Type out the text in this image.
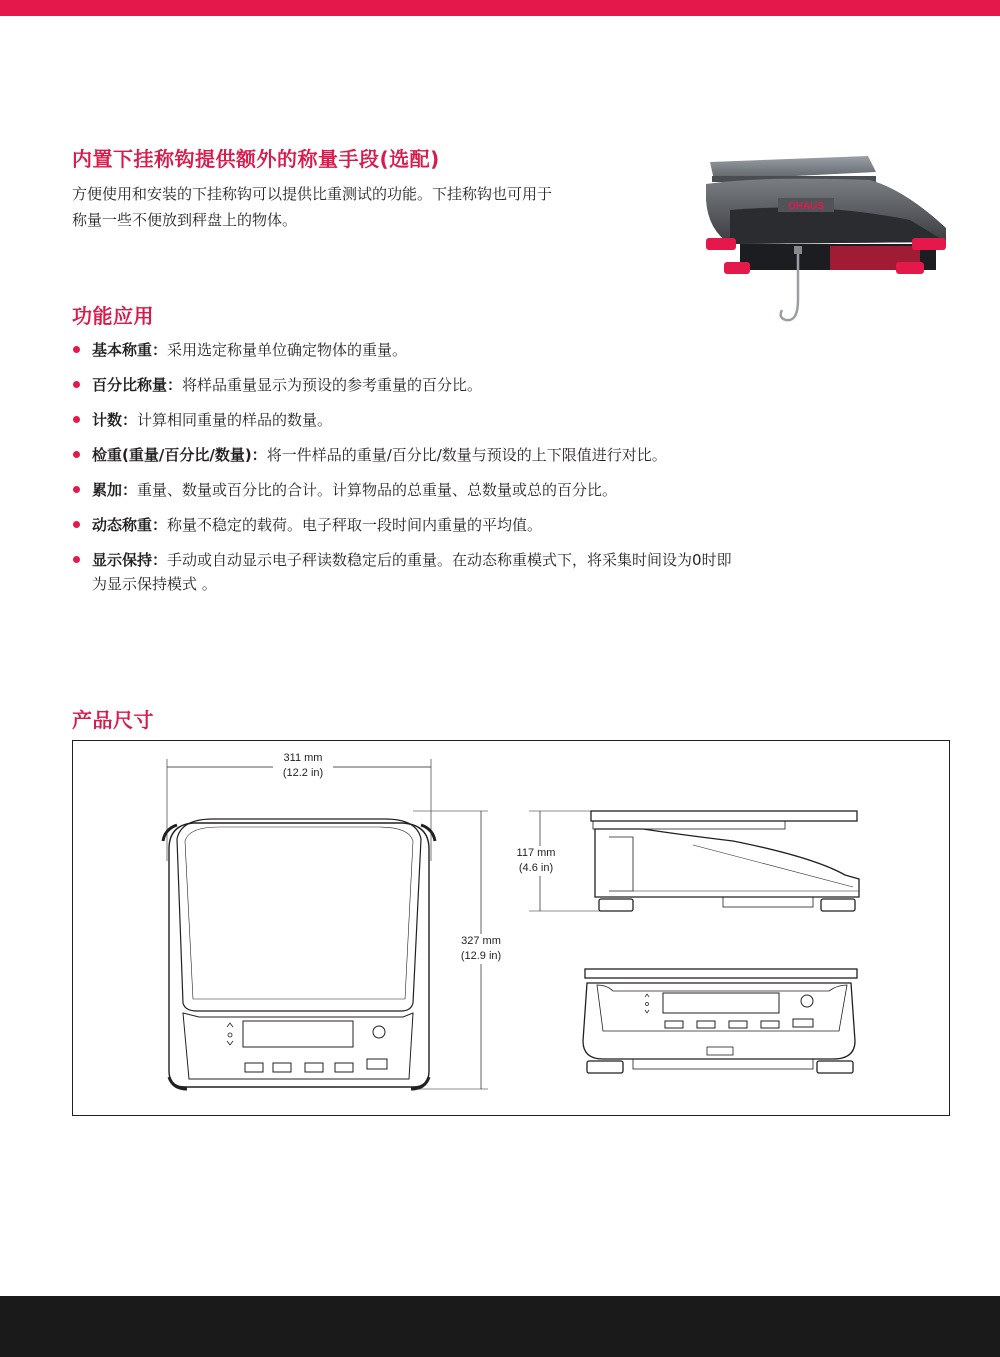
内置下挂称钩提供额外的称量手段(选配)

方便使用和安装的下挂称钩可以提供比重测试的功能。下挂称钩也可用于
称量一些不便放到秤盘上的物体。

OHAUS
功能应用
基本称重：采用选定称量单位确定物体的重量。
百分比称量：将样品重量显示为预设的参考重量的百分比。
计数：计算相同重量的样品的数量。
检重(重量/百分比/数量)：将一件样品的重量/百分比/数量与预设的上下限值进行对比。
累加：重量、数量或百分比的合计。计算物品的总重量、总数量或总的百分比。
动态称重：称量不稳定的载荷。电子秤取一段时间内重量的平均值。
显示保持：手动或自动显示电子秤读数稳定后的重量。在动态称重模式下，将采集时间设为0时即
为显示保持模式 。
产品尺寸
311 mm
(12.2 in)
327 mm
(12.9 in)
117 mm
(4.6 in)
